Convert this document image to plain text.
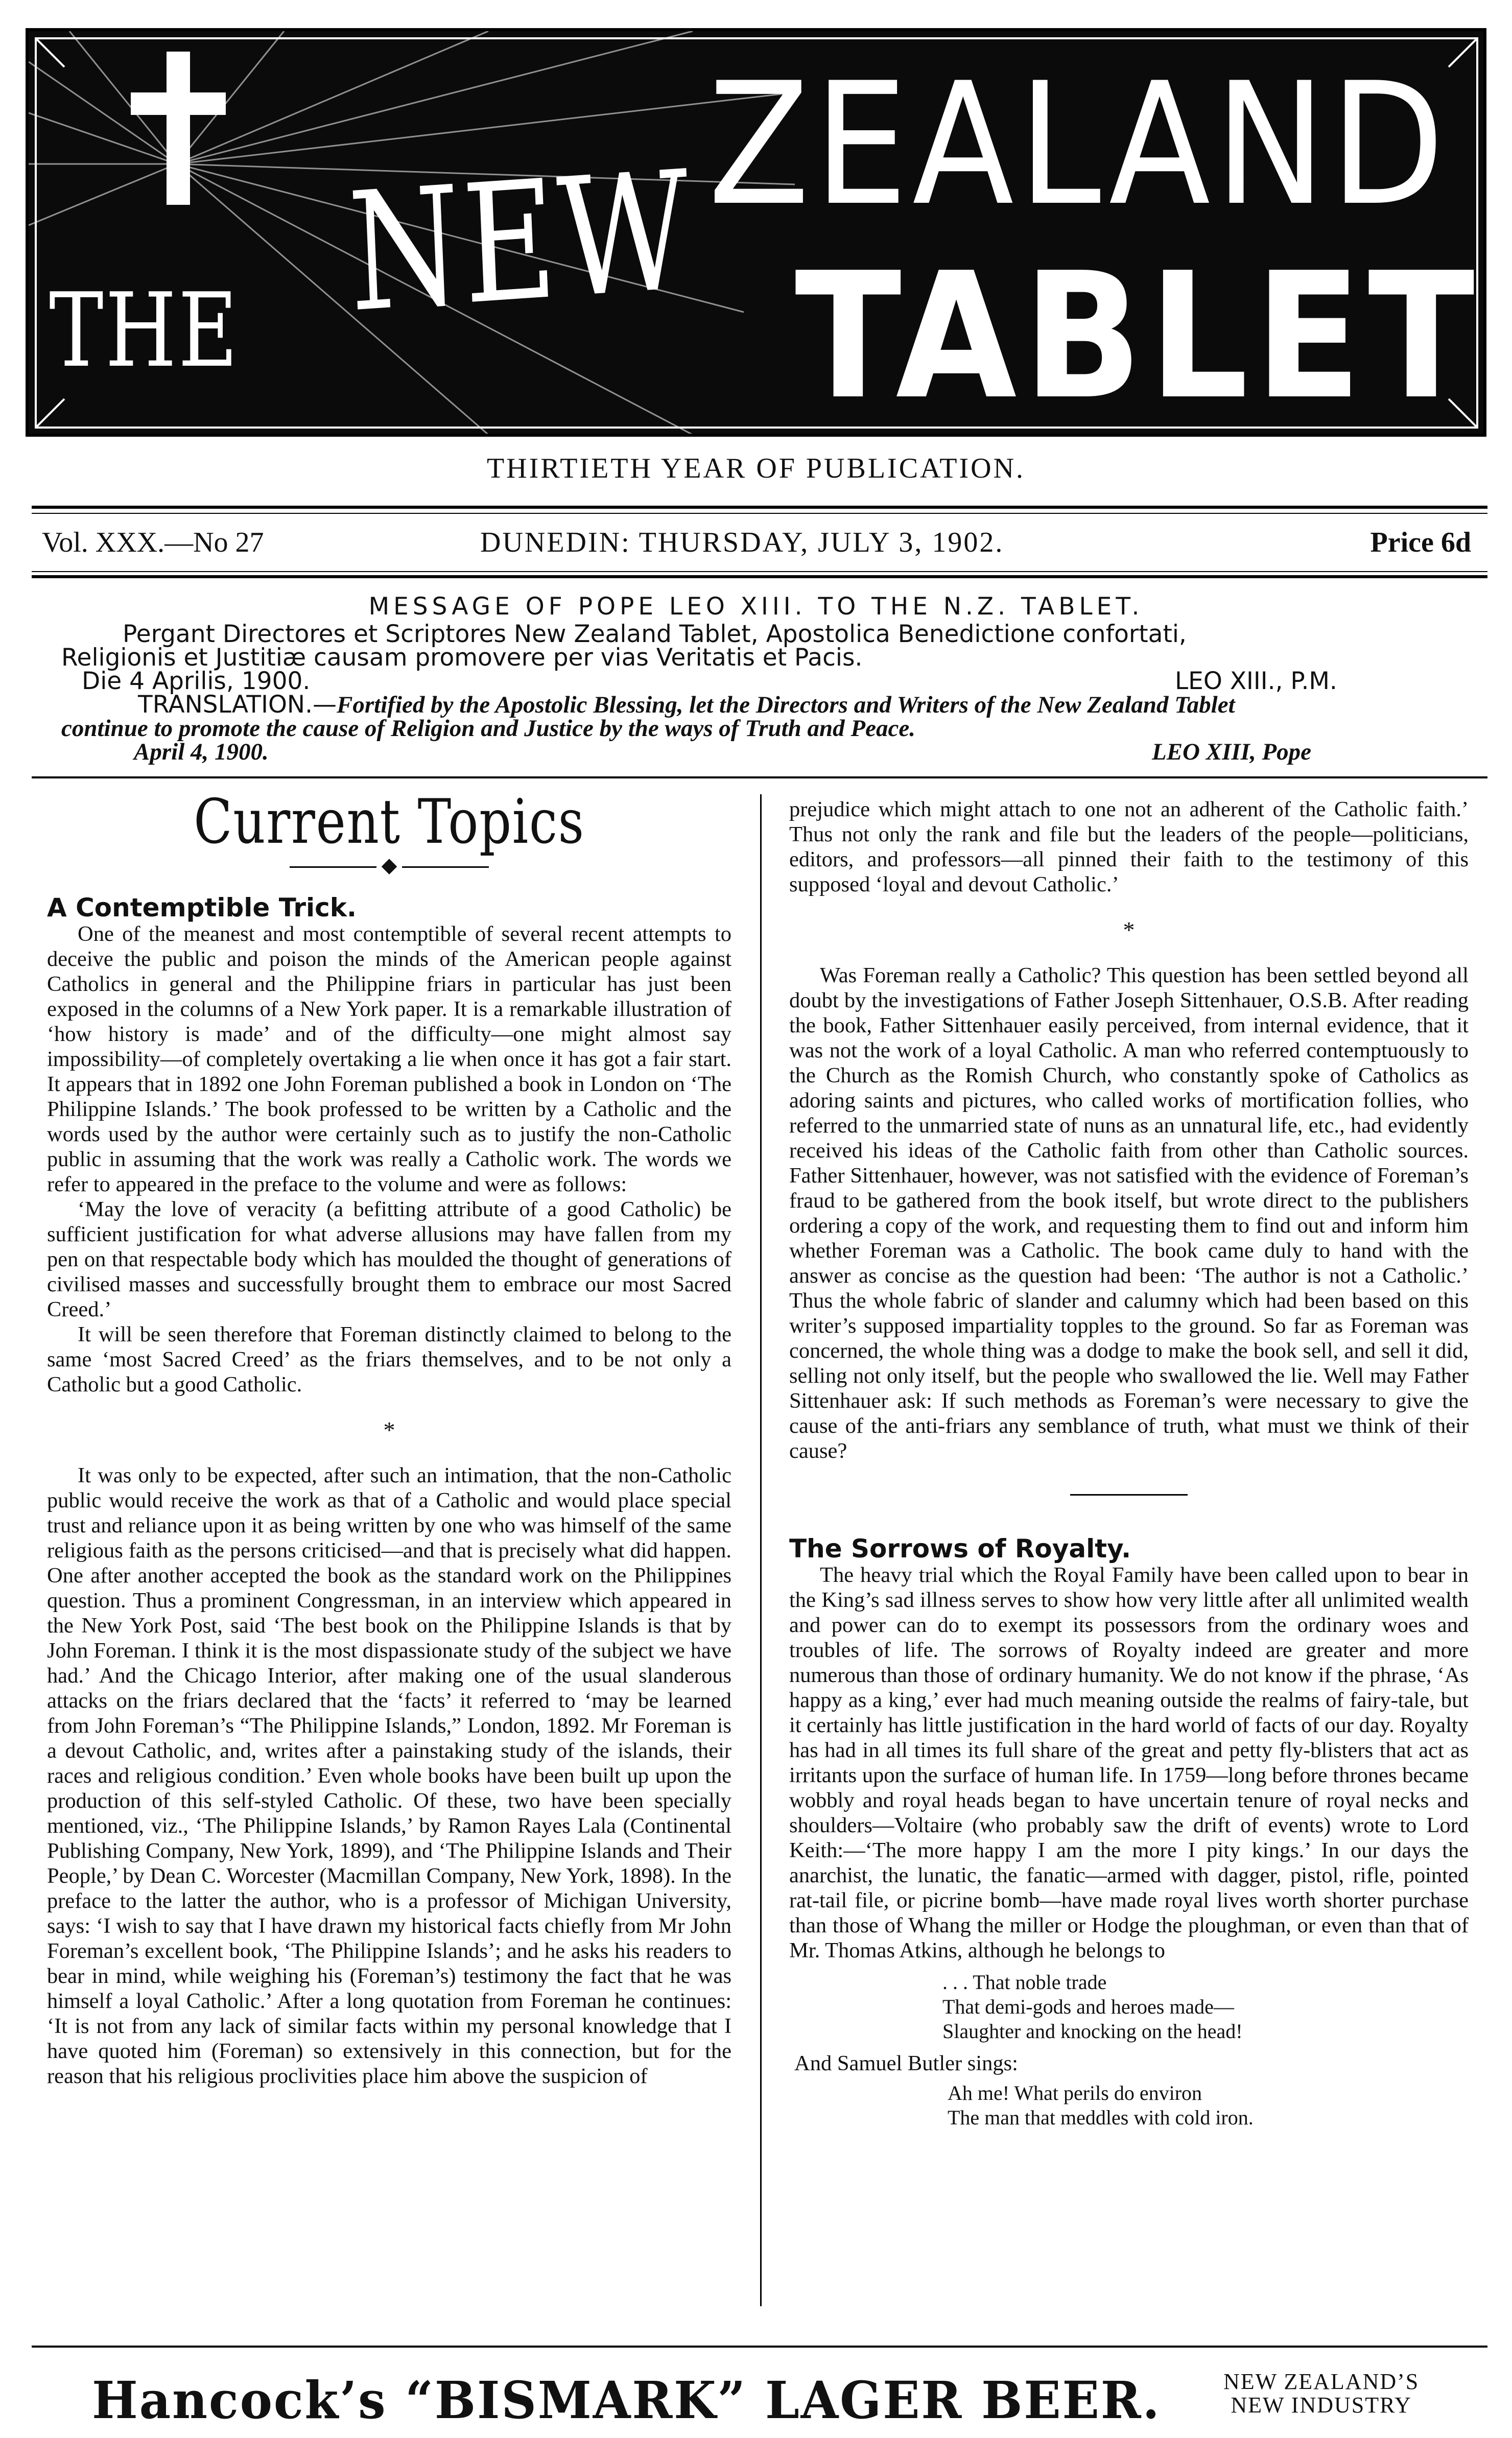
THE NEW ZEALAND
TABLET
THIRTIETH YEAR OF PUBLICATION.
Vol. XXX.—No 27	DUNEDIN: THURSDAY, JULY 3, 1902.	Price 6d
MESSAGE OF POPE LEO XIII. TO THE N.Z. TABLET.
Pergant Directores et Scriptores New Zealand Tablet, Apostolica Benedictione confortati,
Religionis et Justitiæ causam promovere per vias Veritatis et Pacis.
Die 4 Aprilis, 1900.	LEO XIII., P.M.
TRANSLATION.—Fortified by the Apostolic Blessing, let the Directors and Writers of the New Zealand Tablet
continue to promote the cause of Religion and Justice by the ways of Truth and Peace.
April 4, 1900.	LEO XIII, Pope
Current Topics
◆
A Contemptible Trick.

One of the meanest and most contemptible of several recent attempts to deceive the public and poison the minds of the American people against Catholics in general and the Philippine friars in particular has just been exposed in the columns of a New York paper. It is a remarkable illustration of ‘how history is made’ and of the difficulty—one might almost say impossibility—of completely overtaking a lie when once it has got a fair start. It appears that in 1892 one John Foreman published a book in London on ‘The Philippine Islands.’ The book professed to be written by a Catholic and the words used by the author were certainly such as to justify the non-Catholic public in assuming that the work was really a Catholic work. The words we refer to appeared in the preface to the volume and were as follows:

‘May the love of veracity (a befitting attribute of a good Catholic) be sufficient justification for what adverse allusions may have fallen from my pen on that respectable body which has moulded the thought of generations of civilised masses and successfully brought them to embrace our most Sacred Creed.’

It will be seen therefore that Foreman distinctly claimed to belong to the same ‘most Sacred Creed’ as the friars themselves, and to be not only a Catholic but a good Catholic.

*

It was only to be expected, after such an intimation, that the non-Catholic public would receive the work as that of a Catholic and would place special trust and reliance upon it as being written by one who was himself of the same religious faith as the persons criticised—and that is precisely what did happen. One after another accepted the book as the standard work on the Philippines question. Thus a prominent Congressman, in an interview which appeared in the New York Post, said ‘The best book on the Philippine Islands is that by John Foreman. I think it is the most dispassionate study of the subject we have had.’ And the Chicago Interior, after making one of the usual slanderous attacks on the friars declared that the ‘facts’ it referred to ‘may be learned from John Foreman’s “The Philippine Islands,” London, 1892. Mr Foreman is a devout Catholic, and, writes after a painstaking study of the islands, their races and religious condition.’ Even whole books have been built up upon the production of this self-styled Catholic. Of these, two have been specially mentioned, viz., ‘The Philippine Islands,’ by Ramon Rayes Lala (Continental Publishing Company, New York, 1899), and ‘The Philippine Islands and Their People,’ by Dean C. Worcester (Macmillan Company, New York, 1898). In the preface to the latter the author, who is a professor of Michigan University, says: ‘I wish to say that I have drawn my historical facts chiefly from Mr John Foreman’s excellent book, ‘The Philippine Islands’; and he asks his readers to bear in mind, while weighing his (Foreman’s) testimony the fact that he was himself a loyal Catholic.’ After a long quotation from Foreman he continues: ‘It is not from any lack of similar facts within my personal knowledge that I have quoted him (Foreman) so extensively in this connection, but for the reason that his religious proclivities place him above the suspicion of

prejudice which might attach to one not an adherent of the Catholic faith.’ Thus not only the rank and file but the leaders of the people—politicians, editors, and professors—all pinned their faith to the testimony of this supposed ‘loyal and devout Catholic.’

*

Was Foreman really a Catholic? This question has been settled beyond all doubt by the investigations of Father Joseph Sittenhauer, O.S.B. After reading the book, Father Sittenhauer easily perceived, from internal evidence, that it was not the work of a loyal Catholic. A man who referred contemptuously to the Church as the Romish Church, who constantly spoke of Catholics as adoring saints and pictures, who called works of mortification follies, who referred to the unmarried state of nuns as an unnatural life, etc., had evidently received his ideas of the Catholic faith from other than Catholic sources. Father Sittenhauer, however, was not satisfied with the evidence of Foreman’s fraud to be gathered from the book itself, but wrote direct to the publishers ordering a copy of the work, and requesting them to find out and inform him whether Foreman was a Catholic. The book came duly to hand with the answer as concise as the question had been: ‘The author is not a Catholic.’ Thus the whole fabric of slander and calumny which had been based on this writer’s supposed impartiality topples to the ground. So far as Foreman was concerned, the whole thing was a dodge to make the book sell, and sell it did, selling not only itself, but the people who swallowed the lie. Well may Father Sittenhauer ask: If such methods as Foreman’s were necessary to give the cause of the anti-friars any semblance of truth, what must we think of their cause?

The Sorrows of Royalty.

The heavy trial which the Royal Family have been called upon to bear in the King’s sad illness serves to show how very little after all unlimited wealth and power can do to exempt its possessors from the ordinary woes and troubles of life. The sorrows of Royalty indeed are greater and more numerous than those of ordinary humanity. We do not know if the phrase, ‘As happy as a king,’ ever had much meaning outside the realms of fairy-tale, but it certainly has little justification in the hard world of facts of our day. Royalty has had in all times its full share of the great and petty fly-blisters that act as irritants upon the surface of human life. In 1759—long before thrones became wobbly and royal heads began to have uncertain tenure of royal necks and shoulders—Voltaire (who probably saw the drift of events) wrote to Lord Keith:—‘The more happy I am the more I pity kings.’ In our days the anarchist, the lunatic, the fanatic—armed with dagger, pistol, rifle, pointed rat-tail file, or picrine bomb—have made royal lives worth shorter purchase than those of Whang the miller or Hodge the ploughman, or even than that of Mr. Thomas Atkins, although he belongs to

. . . That noble trade
That demi-gods and heroes made—
Slaughter and knocking on the head!

And Samuel Butler sings:

Ah me! What perils do environ
The man that meddles with cold iron.
Hancock’s “BISMARK” LAGER BEER.	NEW ZEALAND’S
NEW INDUSTRY
